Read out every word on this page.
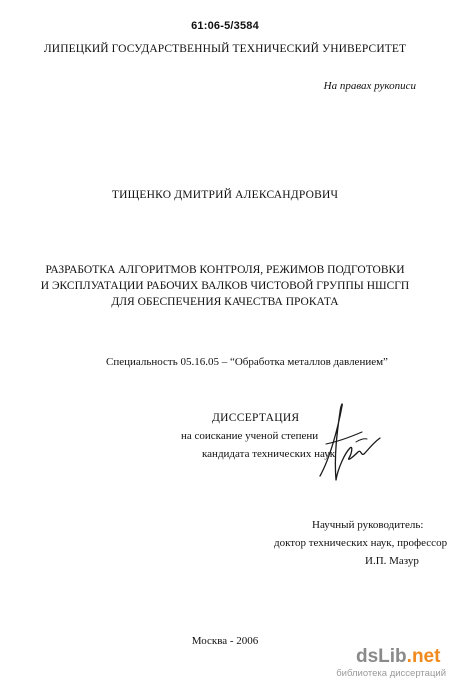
61:06-5/3584
ЛИПЕЦКИЙ ГОСУДАРСТВЕННЫЙ ТЕХНИЧЕСКИЙ УНИВЕРСИТЕТ
На правах рукописи
ТИЩЕНКО ДМИТРИЙ АЛЕКСАНДРОВИЧ
РАЗРАБОТКА АЛГОРИТМОВ КОНТРОЛЯ, РЕЖИМОВ ПОДГОТОВКИ
И ЭКСПЛУАТАЦИИ РАБОЧИХ ВАЛКОВ ЧИСТОВОЙ ГРУППЫ НШСГП
ДЛЯ ОБЕСПЕЧЕНИЯ КАЧЕСТВА ПРОКАТА
Специальность 05.16.05 – “Обработка металлов давлением”
ДИССЕРТАЦИЯ
на соискание ученой степени
кандидата технических наук
Научный руководитель:
доктор технических наук, профессор
И.П. Мазур
Москва - 2006
dsLib.net
библиотека диссертаций
